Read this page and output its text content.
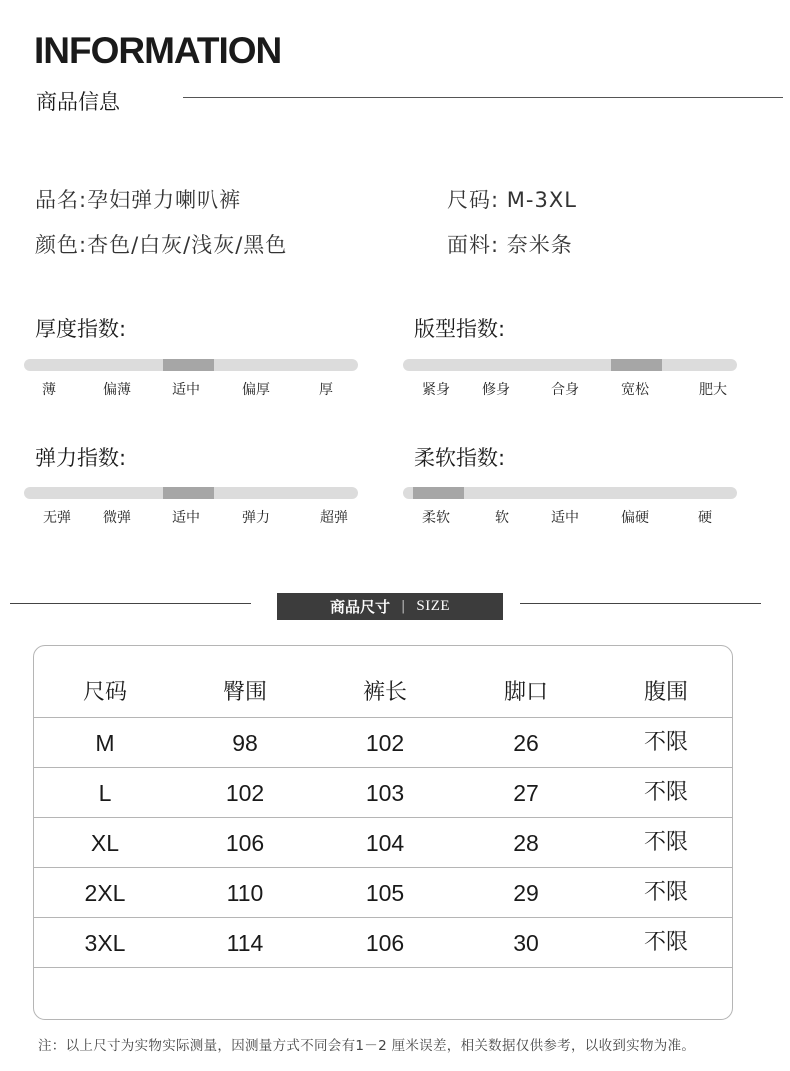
INFORMATION
商品信息
品名:孕妇弹力喇叭裤	尺码: M-3XL
颜色:杏色/白灰/浅灰/黑色	面料: 奈米条
厚度指数:
薄	偏薄	适中	偏厚	厚
版型指数:
紧身 修身	合身	宽松	肥大
弹力指数:
无弹 微弹	适中	弹力	超弹
柔软指数:
柔软	软	适中	偏硬	硬
商品尺寸 | SIZE
尺码	臀围	裤长	脚口	腹围
M	98	102	26	不限
L	102	103	27	不限
XL	106	104	28	不限
2XL	110	105	29	不限
3XL	114	106	30	不限
注：以上尺寸为实物实际测量，因测量方式不同会有1－2 厘米误差，相关数据仅供参考，以收到实物为准。
